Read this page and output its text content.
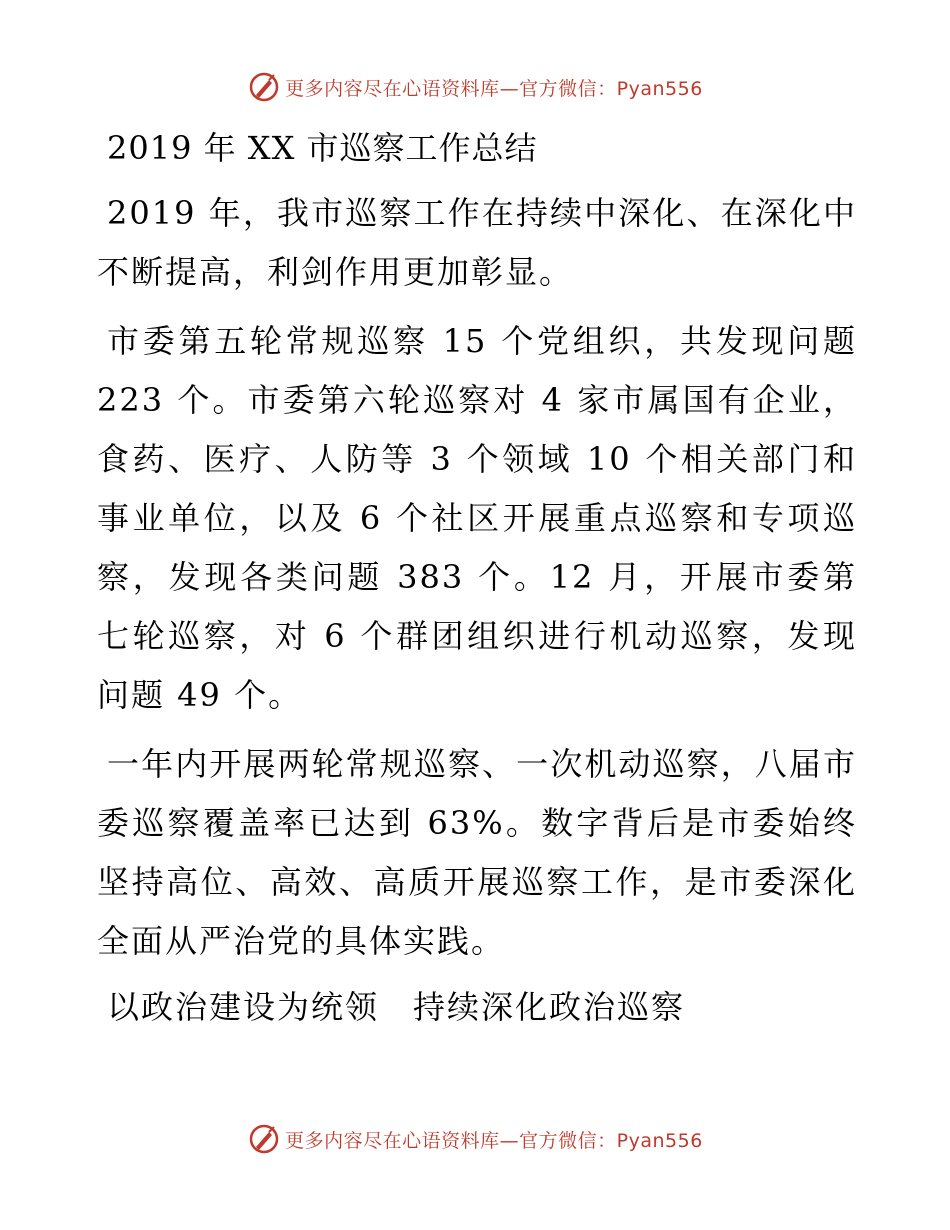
更多内容尽在心语资料库—官方微信：Pyan556
2019 年 XX 市巡察工作总结

2019 年，我市巡察工作在持续中深化、在深化中不断提高，利剑作用更加彰显。

市委第五轮常规巡察 15 个党组织，共发现问题 223 个。市委第六轮巡察对 4 家市属国有企业，食药、医疗、人防等 3 个领域 10 个相关部门和事业单位，以及 6 个社区开展重点巡察和专项巡察，发现各类问题 383 个。12 月，开展市委第七轮巡察，对 6 个群团组织进行机动巡察，发现问题 49 个。

一年内开展两轮常规巡察、一次机动巡察，八届市委巡察覆盖率已达到 63%。数字背后是市委始终坚持高位、高效、高质开展巡察工作，是市委深化全面从严治党的具体实践。

以政治建设为统领　持续深化政治巡察
更多内容尽在心语资料库—官方微信：Pyan556
